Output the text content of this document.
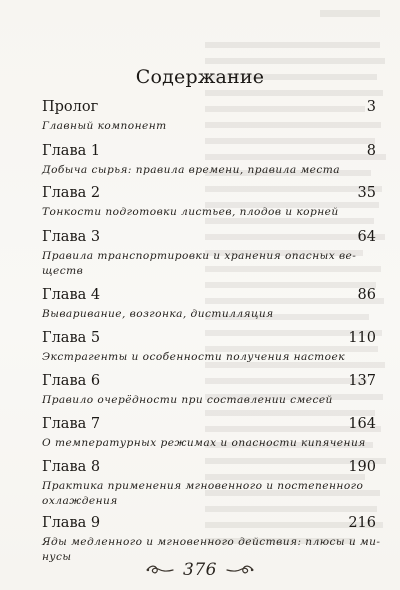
Содержание
Пролог	3
Главный компонент
Глава 1	8
Добыча сырья: правила времени, правила места
Глава 2	35
Тонкости подготовки листьев, плодов и корней
Глава 3	64
Правила транспортировки и хранения опасных ве-
ществ
Глава 4	86
Вываривание, возгонка, дистилляция
Глава 5	110
Экстрагенты и особенности получения настоек
Глава 6	137
Правило очерёдности при составлении смесей
Глава 7	164
О температурных режимах и опасности кипячения
Глава 8	190
Практика применения мгновенного и постепенного
охлаждения
Глава 9	216
Яды медленного и мгновенного действия: плюсы и ми-
нусы
376
